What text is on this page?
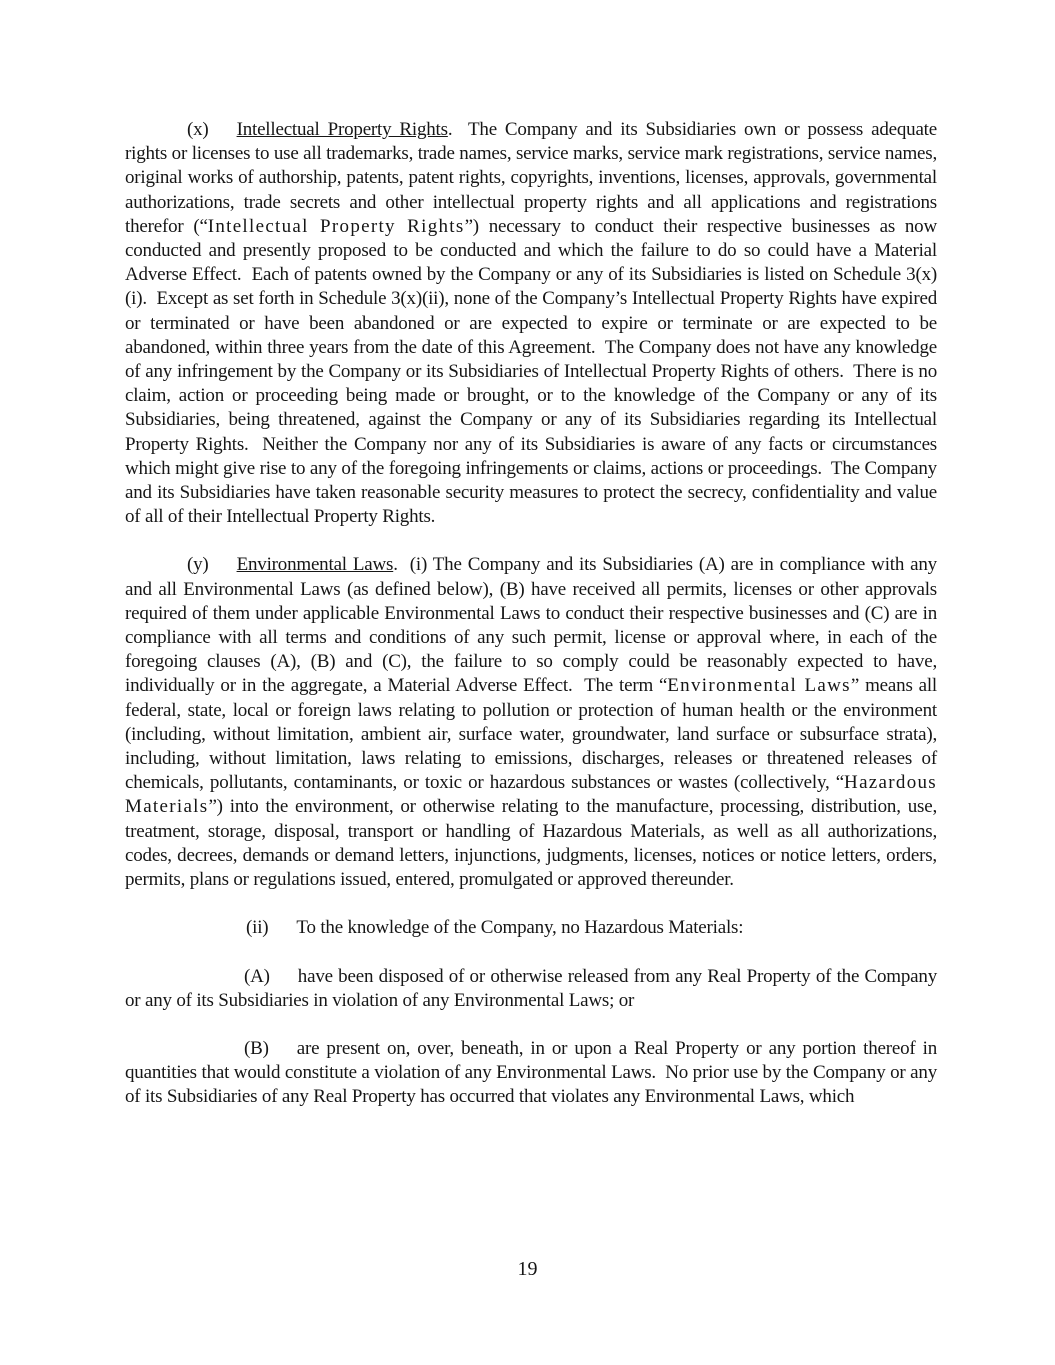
(x) Intellectual Property Rights.  The Company and its Subsidiaries own or possess adequate rights or licenses to use all trademarks, trade names, service marks, service mark registrations, service names, original works of authorship, patents, patent rights, copyrights, inventions, licenses, approvals, governmental authorizations, trade secrets and other intellectual property rights and all applications and registrations therefor (“Intellectual Property Rights”) necessary to conduct their respective businesses as now conducted and presently proposed to be conducted and which the failure to do so could have a Material Adverse Effect.  Each of patents owned by the Company or any of its Subsidiaries is listed on Schedule 3(x)(i).  Except as set forth in Schedule 3(x)(ii), none of the Company’s Intellectual Property Rights have expired or terminated or have been abandoned or are expected to expire or terminate or are expected to be abandoned, within three years from the date of this Agreement.  The Company does not have any knowledge of any infringement by the Company or its Subsidiaries of Intellectual Property Rights of others.  There is no claim, action or proceeding being made or brought, or to the knowledge of the Company or any of its Subsidiaries, being threatened, against the Company or any of its Subsidiaries regarding its Intellectual Property Rights.  Neither the Company nor any of its Subsidiaries is aware of any facts or circumstances which might give rise to any of the foregoing infringements or claims, actions or proceedings.  The Company and its Subsidiaries have taken reasonable security measures to protect the secrecy, confidentiality and value of all of their Intellectual Property Rights.

(y) Environmental Laws.  (i) The Company and its Subsidiaries (A) are in compliance with any and all Environmental Laws (as defined below), (B) have received all permits, licenses or other approvals required of them under applicable Environmental Laws to conduct their respective businesses and (C) are in compliance with all terms and conditions of any such permit, license or approval where, in each of the foregoing clauses (A), (B) and (C), the failure to so comply could be reasonably expected to have, individually or in the aggregate, a Material Adverse Effect.  The term “Environmental Laws” means all federal, state, local or foreign laws relating to pollution or protection of human health or the environment (including, without limitation, ambient air, surface water, groundwater, land surface or subsurface strata), including, without limitation, laws relating to emissions, discharges, releases or threatened releases of chemicals, pollutants, contaminants, or toxic or hazardous substances or wastes (collectively, “Hazardous Materials”) into the environment, or otherwise relating to the manufacture, processing, distribution, use, treatment, storage, disposal, transport or handling of Hazardous Materials, as well as all authorizations, codes, decrees, demands or demand letters, injunctions, judgments, licenses, notices or notice letters, orders, permits, plans or regulations issued, entered, promulgated or approved thereunder.

(ii) To the knowledge of the Company, no Hazardous Materials:

(A) have been disposed of or otherwise released from any Real Property of the Company or any of its Subsidiaries in violation of any Environmental Laws; or

(B) are present on, over, beneath, in or upon a Real Property or any portion thereof in quantities that would constitute a violation of any Environmental Laws.  No prior use by the Company or any of its Subsidiaries of any Real Property has occurred that violates any Environmental Laws, which

19
